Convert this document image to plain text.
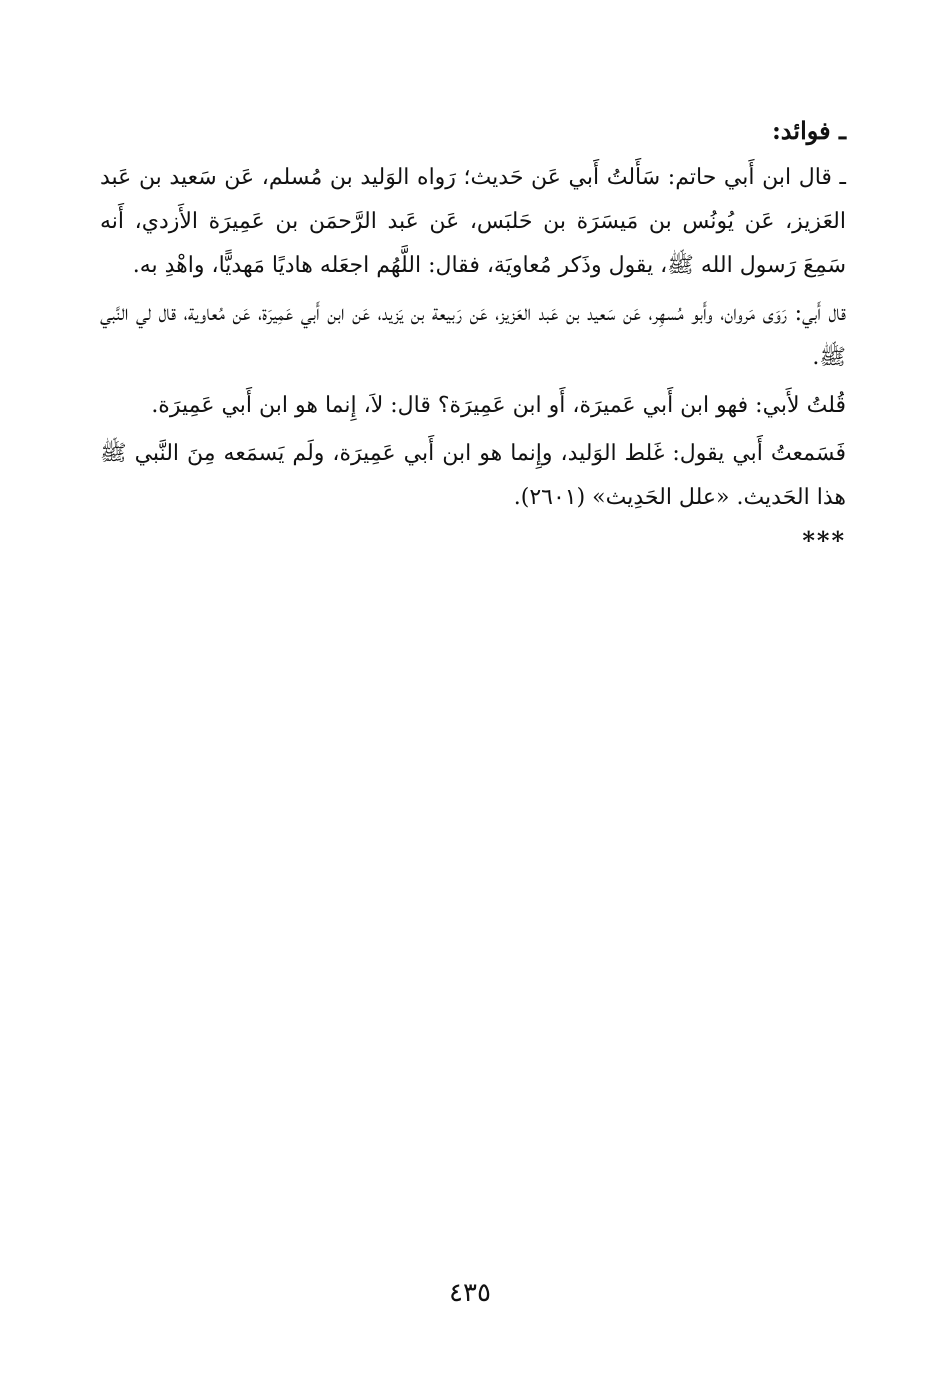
ـ فوائد:

ـ قال ابن أَبي حاتم: سَأَلتُ أَبي عَن حَديث؛ رَواه الوَليد بن مُسلم، عَن سَعيد بن عَبد العَزيز، عَن يُونُس بن مَيسَرَة بن حَلبَس، عَن عَبد الرَّحمَن بن عَمِيرَة الأَزدي، أَنه سَمِعَ رَسول الله ﷺ، يقول وذَكر مُعاويَة، فقال: اللَّهُم اجعَله هاديًا مَهديًّا، واهْدِ به.

قال أَبي: رَوَى مَروان، وأَبو مُسهِر، عَن سَعيد بن عَبد العَزيز، عَن رَبيعة بن يَزيد، عَن ابن أَبي عَمِيرَة، عَن مُعاوية، قال لي النَّبي ﷺ.

قُلتُ لأَبي: فهو ابن أَبي عَميرَة، أَو ابن عَمِيرَة؟ قال: لاَ، إِنما هو ابن أَبي عَمِيرَة.

فَسَمعتُ أَبي يقول: غَلط الوَليد، وإِنما هو ابن أَبي عَمِيرَة، ولَم يَسمَعه مِنَ النَّبي ﷺ هذا الحَديث. «علل الحَدِيث» (٢٦٠١).

***
٤٣٥
